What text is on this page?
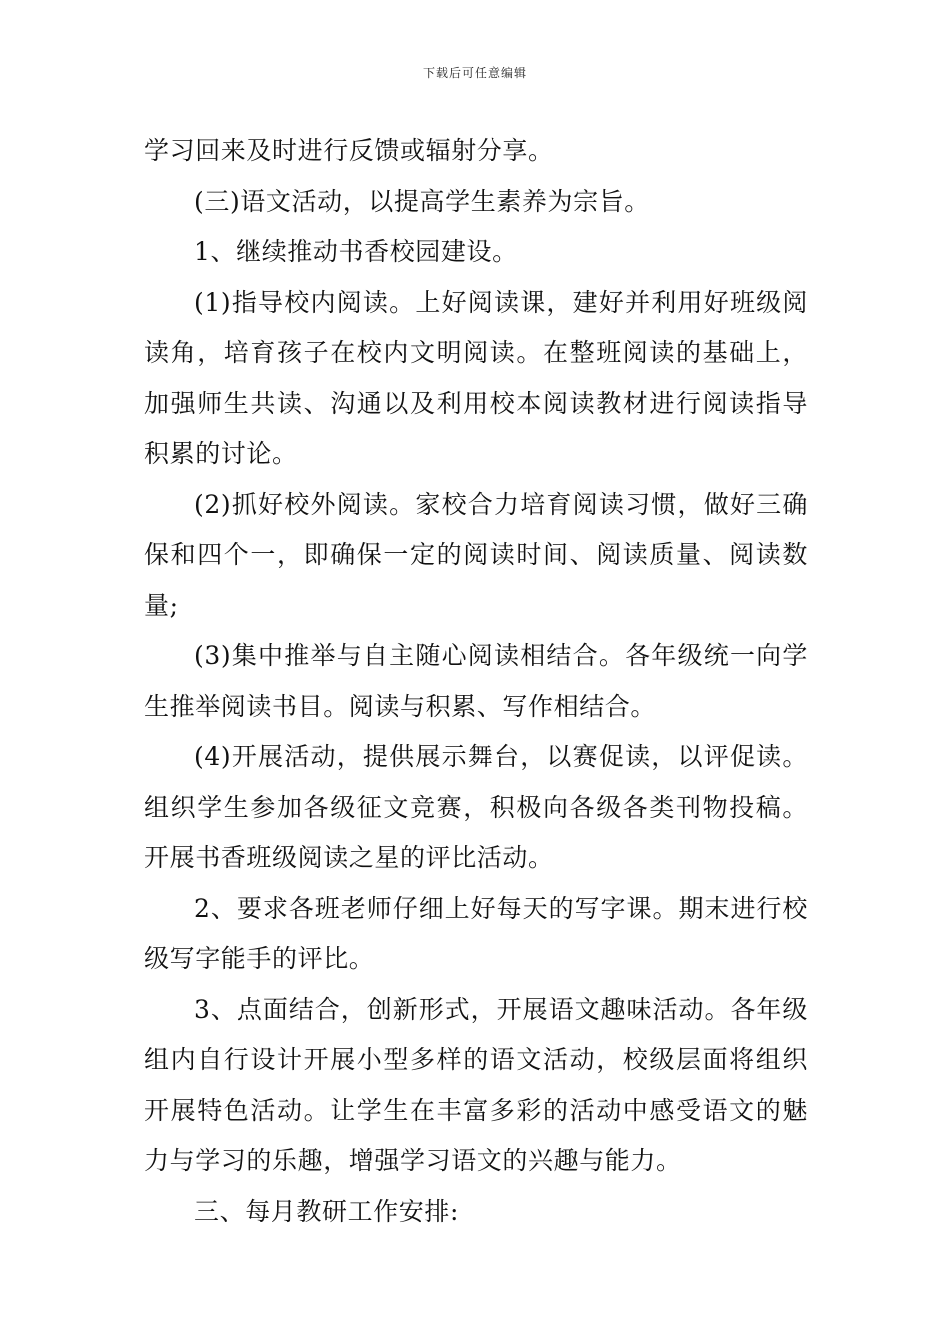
下载后可任意编辑

学习回来及时进行反馈或辐射分享。

(三)语文活动，以提高学生素养为宗旨。

1、继续推动书香校园建设。

(1)指导校内阅读。上好阅读课，建好并利用好班级阅读角，培育孩子在校内文明阅读。在整班阅读的基础上，加强师生共读、沟通以及利用校本阅读教材进行阅读指导积累的讨论。

(2)抓好校外阅读。家校合力培育阅读习惯，做好三确保和四个一，即确保一定的阅读时间、阅读质量、阅读数量;

(3)集中推举与自主随心阅读相结合。各年级统一向学生推举阅读书目。阅读与积累、写作相结合。

(4)开展活动，提供展示舞台，以赛促读，以评促读。组织学生参加各级征文竞赛，积极向各级各类刊物投稿。开展书香班级阅读之星的评比活动。

2、要求各班老师仔细上好每天的写字课。期末进行校级写字能手的评比。

3、点面结合，创新形式，开展语文趣味活动。各年级组内自行设计开展小型多样的语文活动，校级层面将组织开展特色活动。让学生在丰富多彩的活动中感受语文的魅力与学习的乐趣，增强学习语文的兴趣与能力。

三、每月教研工作安排:
